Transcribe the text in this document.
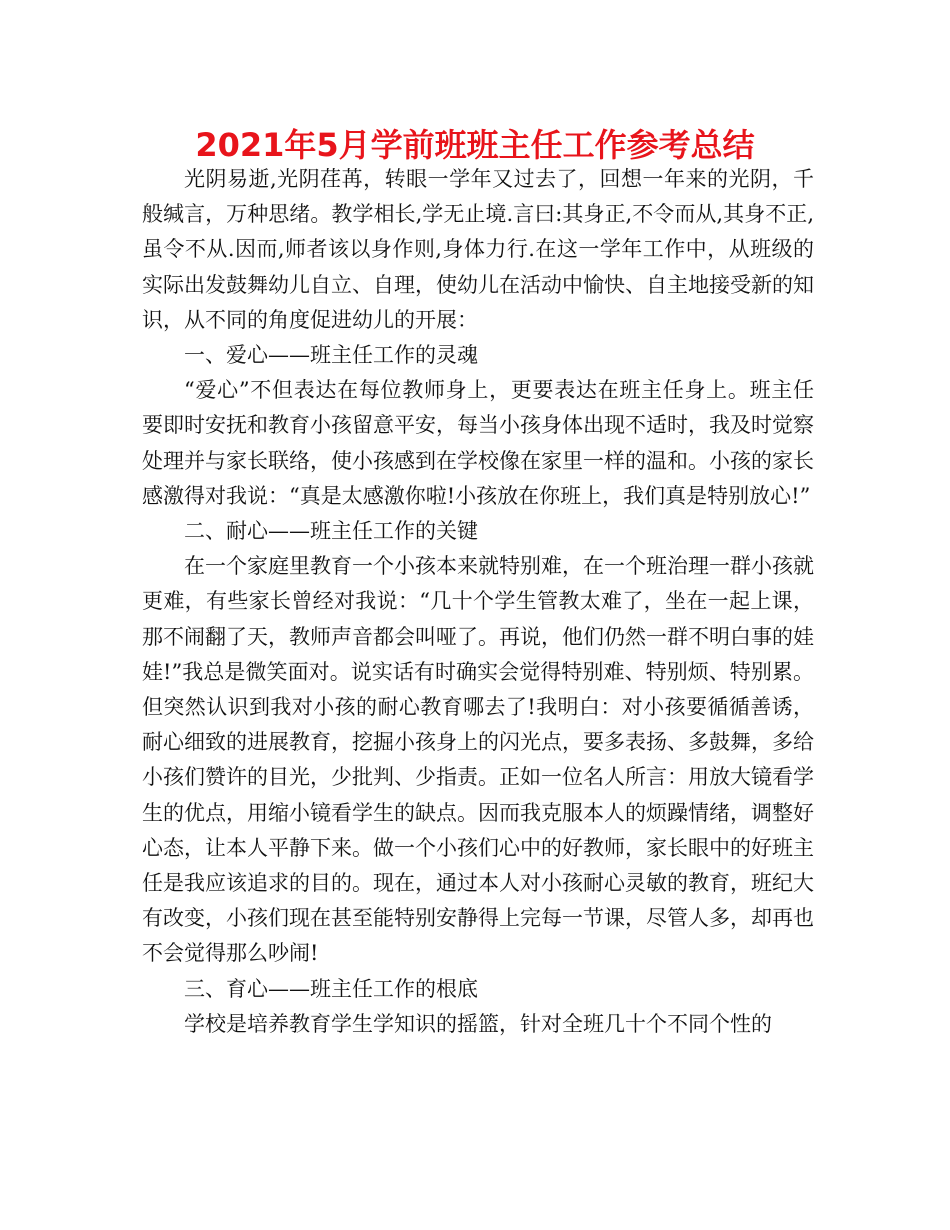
2021年5月学前班班主任工作参考总结

光阴易逝,光阴荏苒，转眼一学年又过去了，回想一年来的光阴，千般缄言，万种思绪。教学相长,学无止境.言曰:其身正,不令而从,其身不正,虽令不从.因而,师者该以身作则,身体力行.在这一学年工作中，从班级的实际出发鼓舞幼儿自立、自理，使幼儿在活动中愉快、自主地接受新的知识，从不同的角度促进幼儿的开展：

一、爱心——班主任工作的灵魂

“爱心”不但表达在每位教师身上，更要表达在班主任身上。班主任要即时安抚和教育小孩留意平安，每当小孩身体出现不适时，我及时觉察处理并与家长联络，使小孩感到在学校像在家里一样的温和。小孩的家长感激得对我说：“真是太感激你啦!小孩放在你班上，我们真是特别放心!”

二、耐心——班主任工作的关键

在一个家庭里教育一个小孩本来就特别难，在一个班治理一群小孩就更难，有些家长曾经对我说：“几十个学生管教太难了，坐在一起上课，那不闹翻了天，教师声音都会叫哑了。再说，他们仍然一群不明白事的娃娃!”我总是微笑面对。说实话有时确实会觉得特别难、特别烦、特别累。但突然认识到我对小孩的耐心教育哪去了!我明白：对小孩要循循善诱，耐心细致的进展教育，挖掘小孩身上的闪光点，要多表扬、多鼓舞，多给小孩们赞许的目光，少批判、少指责。正如一位名人所言：用放大镜看学生的优点，用缩小镜看学生的缺点。因而我克服本人的烦躁情绪，调整好心态，让本人平静下来。做一个小孩们心中的好教师，家长眼中的好班主任是我应该追求的目的。现在，通过本人对小孩耐心灵敏的教育，班纪大有改变，小孩们现在甚至能特别安静得上完每一节课，尽管人多，却再也不会觉得那么吵闹!

三、育心——班主任工作的根底

学校是培养教育学生学知识的摇篮，针对全班几十个不同个性的
